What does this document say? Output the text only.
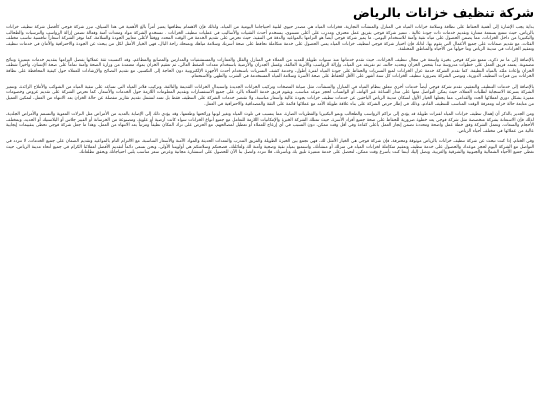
شركة تنظيف خزانات بالرياض

بداية يجب الإشارة إلى أهمية الحفاظ على نظافة وسلامة خزانات المياه في المنازل والمنشآت التجارية، فخزانات المياه هي مصدر حيوي لتلبية احتياجاتنا اليومية من المياه، ولذلك فإن الاهتمام بنظافتها يعتبر أمراً بالغ الأهمية في هذا السياق، تبرز شركة فوجي كأفضل شركة تنظيف خزانات بالرياض، حيث تتمتع بسمعة ممتازة وتقديم خدمات ذات جودة عالية . تتميز شركة فوجي بفريق عمل محترف ومدرب على أعلى مستوى، يستخدم أحدث التقنيات والأساليب في عمليات تنظيف الخزانات . تستخدم الشركة مواد ومعدات آمنة وفعالة تضمن إزالة الرواسب والترسبات والطحالب والبكتيريا من داخل الخزانات، مما يضمن الحصول على مياه نقية وآمنة للاستخدام اليومي. ما يميز شركة فوجي أيضاً هو التزامها بالمواعيد والدقة في التنفيذ، حيث تحرص على تقديم الخدمة في الوقت المحدد ووفقاً لأعلى معايير الجودة والسلامة، كما توفر الشركة أسعاراً تنافسية تناسب مختلف الفئات، مع تقديم ضمانات على جميع الأعمال التي تقوم بها، لذلك فإن اختيار شركة فوجي لتنظيف خزانات المياه يعني الحصول على خدمة متكاملة تحافظ على صحة أسرتك وسلامة مياهك وتمنحك راحة البال، فهي الخيار الأمثل لكل من يبحث عن الجودة والاحترافية والأمان في خدمات تنظيف وتعقيم الخزانات في مدينة الرياض وما حولها من الأحياء والمناطق المختلفة.

بالإضافة إلى ما تم ذكره، تتمتع شركة فوجي بخبرة واسعة في مجال تنظيف الخزانات، حيث تقدم خدماتها منذ سنوات طويلة للعديد من العملاء في المنازل والفلل والعمارات والمستشفيات والمدارس والمصانع والمطاعم، وقد اكتسبت ثقة عملائها بفضل التزامها بتقديم خدمات متميزة ونتائج مضمونة. يعتمد فريق العمل على خطوات مدروسة تبدأ بفحص الخزان وتحديد حالته، ثم تفريغه من المياه، وإزالة الرواسب والأتربة العالقة، وغسل الجدران والأرضية باستخدام معدات الضغط العالي، ثم تعقيم الخزان بمواد معتمدة من وزارة الصحة وآمنة تماماً على صحة الإنسان، وأخيراً شطف الخزان وإعادة ملئه بالمياه النظيفة. كما تقدم الشركة خدمة عزل الخزانات لمنع التسربات والحفاظ على جودة المياه لفترة أطول، وخدمة كشف التسربات باستخدام أحدث الأجهزة الإلكترونية دون الحاجة إلى التكسير، مع تقديم النصائح والإرشادات للعملاء حول كيفية المحافظة على نظافة الخزانات بين فترات التنظيف الدورية، وتوصي الشركة بضرورة تنظيف الخزانات كل ستة أشهر على الأقل للحفاظ على صحة الأسرة وسلامة المياه المستخدمة في الشرب والطهي والاستحمام.

بالإضافة إلى خدمات التنظيف والتعقيم، تقدم شركة فوجي أيضاً خدمات أخرى تتعلق بنظام المياه في المنازل والمنشآت، مثل صيانة المضخات وتركيب الخزانات الجديدة واستبدال الخزانات القديمة والتالفة، وتركيب فلاتر المياه التي تساعد على تنقية المياه من الشوائب والأملاح الزائدة، وتتميز الشركة بسرعة الاستجابة لطلبات العملاء، حيث يمكن التواصل معها على مدار الساعة عبر الهاتف أو الواتساب لحجز موعد مناسب، ويقوم فريق خدمة العملاء بالرد على جميع الاستفسارات وتقديم المعلومات اللازمة حول الخدمات والأسعار، كما تحرص الشركة على تقديم عروض وخصومات مميزة بشكل دوري لعملائها الجدد والقدامى، مما يجعلها الخيار الأول لسكان مدينة الرياض الباحثين عن خدمات تنظيف خزانات بجودة عالية وأسعار مناسبة، ولا تقتصر خدمات الشركة على التنظيف فقط بل تمتد لتشمل تقديم تقارير مفصلة عن حالة الخزان بعد الانتهاء من العمل، لتمكين العميل من متابعة حالة خزانه ومعرفة الوقت المناسب للتنظيف القادم، وذلك في إطار حرص الشركة على بناء علاقة طويلة الأمد مع عملائها قائمة على الثقة والمصداقية والاحترافية في العمل.

ومن الجدير بالذكر أن إهمال تنظيف خزانات المياه لفترات طويلة قد يؤدي إلى تراكم الرواسب والطحالب ونمو البكتيريا والفطريات الضارة، مما يتسبب في تلوث المياه وتغير لونها ورائحتها وطعمها، وقد يؤدي ذلك إلى الإصابة بالعديد من الأمراض مثل النزلات المعوية والتسمم والأمراض الجلدية، لذلك فإن الاستعانة بشركة متخصصة مثل شركة فوجي يعد خطوة ضرورية للحفاظ على صحة جميع أفراد الأسرة، حيث تمتلك الشركة الخبرة والإمكانيات اللازمة للتعامل مع جميع أنواع الخزانات سواء كانت أرضية أو علوية، ومصنوعة من الخرسانة أو الفيبر جلاس أو البلاستيك أو الحديد، وبمختلف الأحجام والسعات، وتعمل الشركة وفق خطة عمل واضحة ومحددة تضمن إنجاز العمل بأعلى كفاءة وفي أقل وقت ممكن، دون التسبب في أي إزعاج للعملاء أو تعطيل لمصالحهم، مع الحرص على ترك المكان نظيفاً ومرتباً بعد الانتهاء من العمل، وهذا ما جعل شركة فوجي تحظى بتقييمات إيجابية عالية من عملائها في مختلف أحياء الرياض.

وفي الختام، إذا كنت تبحث عن شركة تنظيف خزانات بالرياض موثوقة ومحترفة، فإن شركة فوجي هي الخيار الأمثل لك، فهي تجمع بين الخبرة الطويلة والفريق المدرب والمعدات الحديثة والمواد الآمنة والأسعار المناسبة، مع الالتزام التام بالمواعيد وتقديم الضمان على جميع الخدمات، لا تتردد في التواصل مع الشركة اليوم لحجز موعدك والحصول على خدمة تنظيف وتعقيم متكاملة لخزانات المياه في منزلك أو منشأتك، واستمتع بمياه نقية وصحية وآمنة لك ولعائلتك، فصحتكم وسلامتكم هي أولويتنا الأولى، ونحن نسعى دائماً لتقديم الأفضل لعملائنا الكرام في جميع أنحاء مدينة الرياض، حيث نغطي جميع الأحياء الشمالية والجنوبية والشرقية والغربية، ونصل إليك أينما كنت بأسرع وقت ممكن، لتحصل على خدمة متميزة تليق بك وبأسرتك، فلا تتردد واتصل بنا الآن للحصول على استشارة مجانية وعرض سعر مناسب يلبي احتياجاتك ويحقق تطلعاتك.
